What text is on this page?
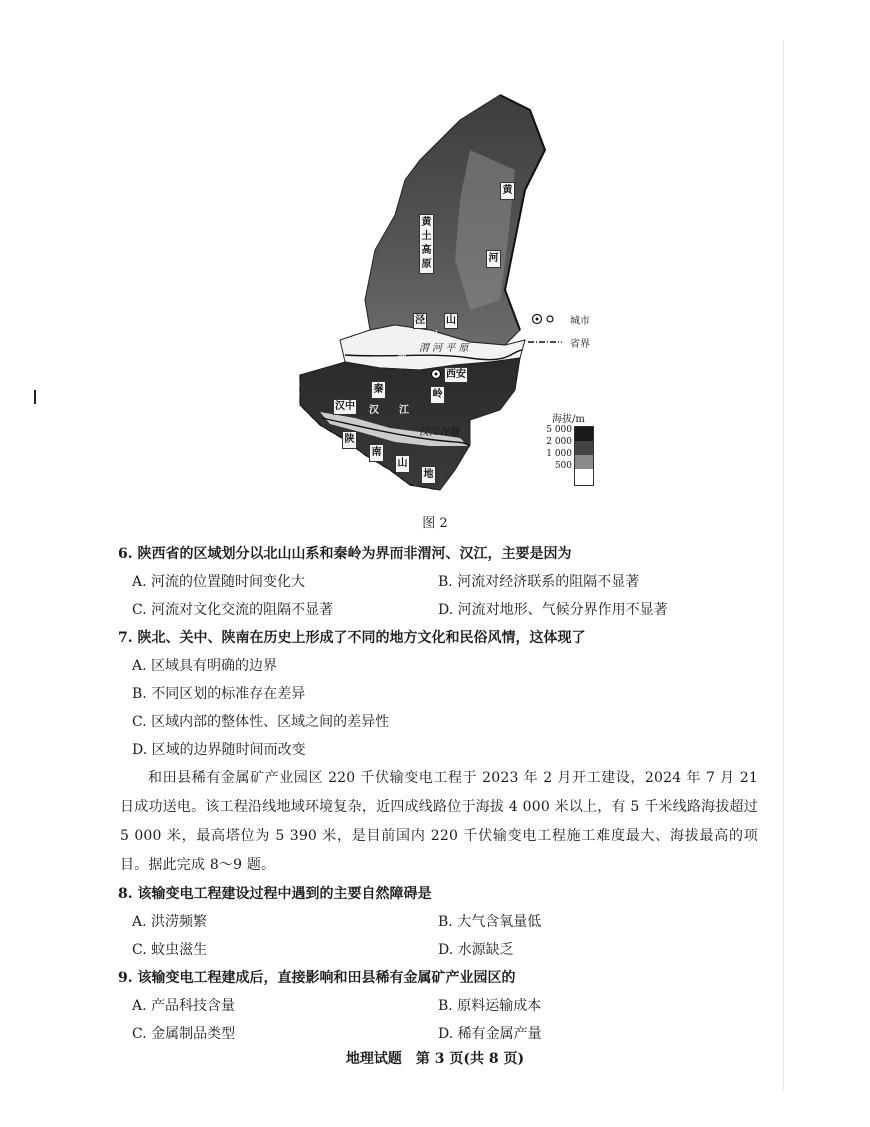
黄
土
高
原
黄
河
泾 山
北	川
渭 河
渭 河 平 原
西安
秦	岭
汉中 汉 江
汉江谷地
陕
南
山
地
城市
省界
海拔/m
5 000
2 000
1 000
500
图 2
6. 陕西省的区域划分以北山山系和秦岭为界而非渭河、汉江，主要是因为
A. 河流的位置随时间变化大	B. 河流对经济联系的阻隔不显著
C. 河流对文化交流的阻隔不显著	D. 河流对地形、气候分界作用不显著
7. 陕北、关中、陕南在历史上形成了不同的地方文化和民俗风情，这体现了
A. 区域具有明确的边界
B. 不同区划的标准存在差异
C. 区域内部的整体性、区域之间的差异性
D. 区域的边界随时间而改变

和田县稀有金属矿产业园区 220 千伏输变电工程于 2023 年 2 月开工建设，2024 年 7 月 21 日成功送电。该工程沿线地域环境复杂，近四成线路位于海拔 4 000 米以上，有 5 千米线路海拔超过 5 000 米，最高塔位为 5 390 米，是目前国内 220 千伏输变电工程施工难度最大、海拔最高的项目。据此完成 8～9 题。

8. 该输变电工程建设过程中遇到的主要自然障碍是
A. 洪涝频繁	B. 大气含氧量低
C. 蚊虫滋生	D. 水源缺乏
9. 该输变电工程建成后，直接影响和田县稀有金属矿产业园区的
A. 产品科技含量	B. 原料运输成本
C. 金属制品类型	D. 稀有金属产量
地理试题　第 3 页(共 8 页)
